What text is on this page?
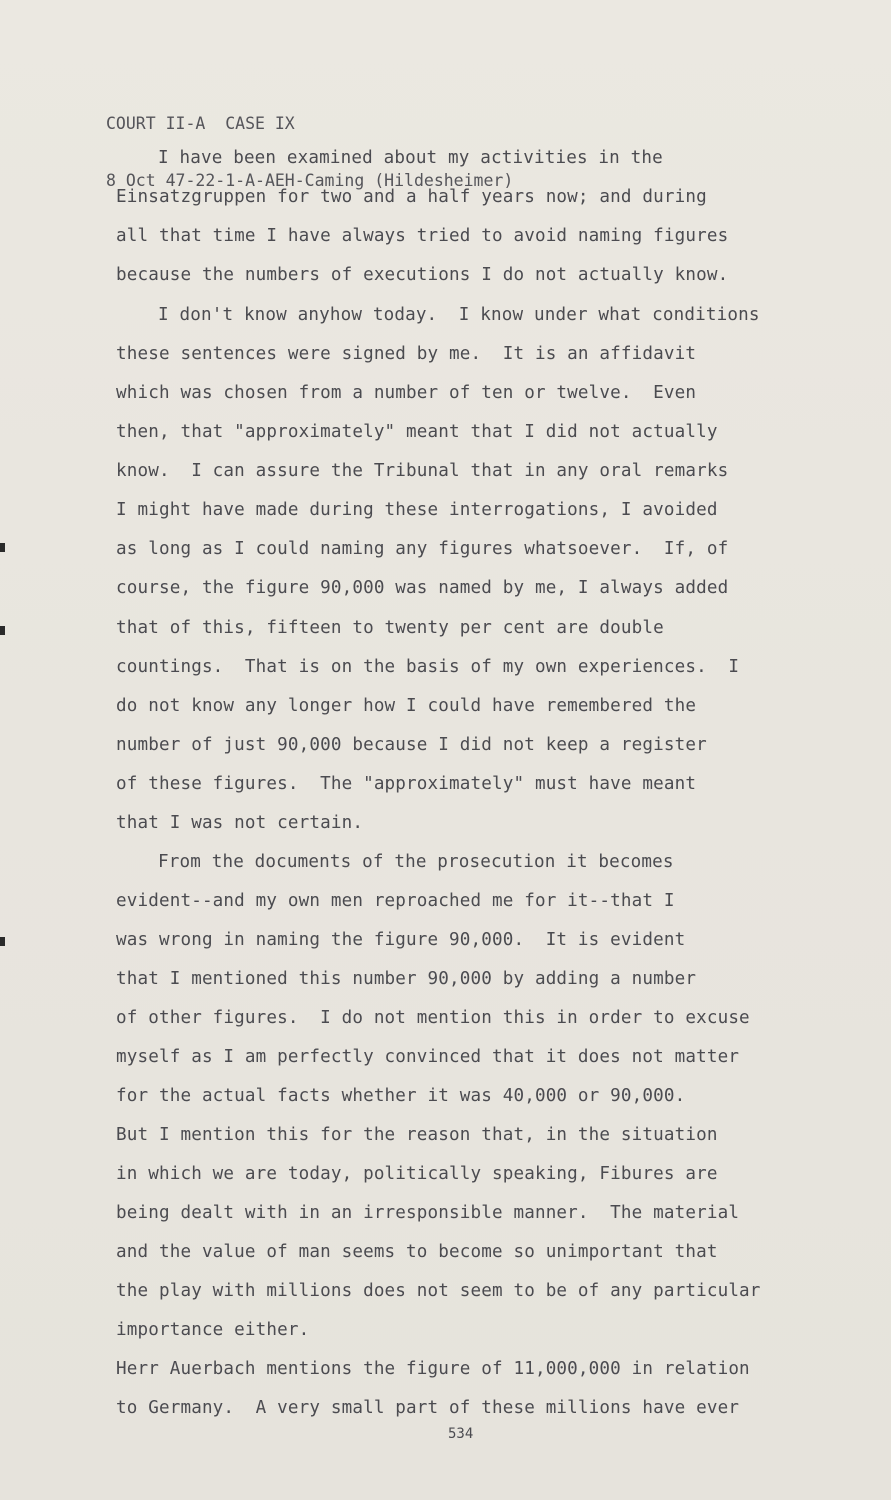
COURT II-A  CASE IX

8 Oct 47-22-1-A-AEH-Caming (Hildesheimer)

I have been examined about my activities in the
Einsatzgruppen for two and a half years now; and during
all that time I have always tried to avoid naming figures
because the numbers of executions I do not actually know.
I don't know anyhow today.  I know under what conditions
these sentences were signed by me.  It is an affidavit
which was chosen from a number of ten or twelve.  Even
then, that "approximately" meant that I did not actually
know.  I can assure the Tribunal that in any oral remarks
I might have made during these interrogations, I avoided
as long as I could naming any figures whatsoever.  If, of
course, the figure 90,000 was named by me, I always added
that of this, fifteen to twenty per cent are double
countings.  That is on the basis of my own experiences.  I
do not know any longer how I could have remembered the
number of just 90,000 because I did not keep a register
of these figures.  The "approximately" must have meant
that I was not certain.
From the documents of the prosecution it becomes
evident--and my own men reproached me for it--that I
was wrong in naming the figure 90,000.  It is evident
that I mentioned this number 90,000 by adding a number
of other figures.  I do not mention this in order to excuse
myself as I am perfectly convinced that it does not matter
for the actual facts whether it was 40,000 or 90,000.
But I mention this for the reason that, in the situation
in which we are today, politically speaking, Fibures are
being dealt with in an irresponsible manner.  The material
and the value of man seems to become so unimportant that
the play with millions does not seem to be of any particular
importance either.
Herr Auerbach mentions the figure of 11,000,000 in relation
to Germany.  A very small part of these millions have ever
534
